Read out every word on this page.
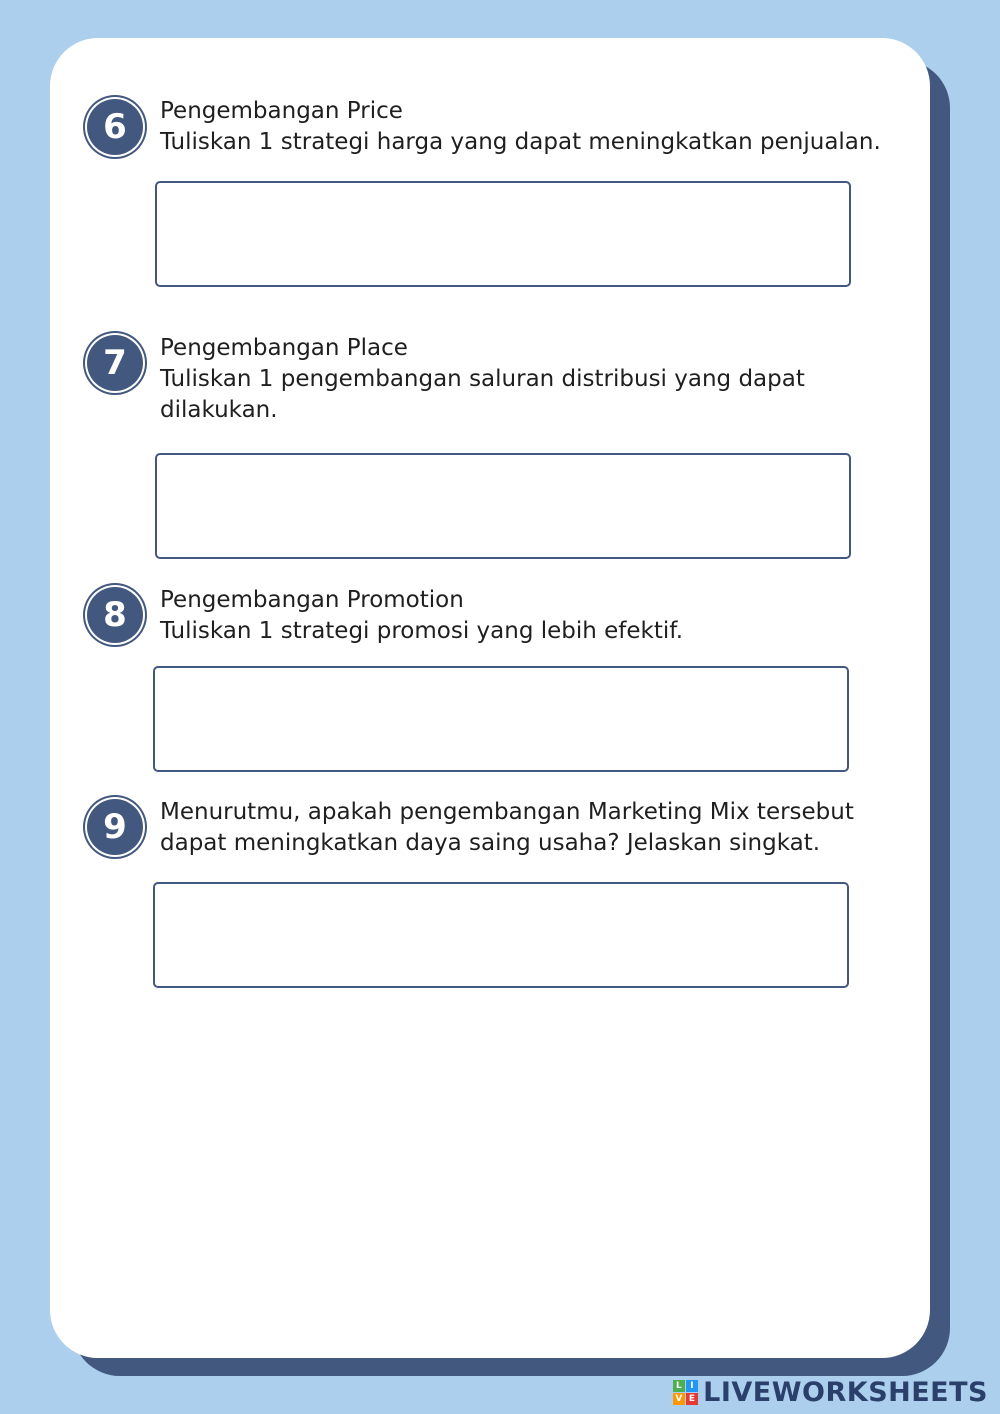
6	Pengembangan Price
Tuliskan 1 strategi harga yang dapat meningkatkan penjualan.
7	Pengembangan Place
Tuliskan 1 pengembangan saluran distribusi yang dapat
dilakukan.
8	Pengembangan Promotion
Tuliskan 1 strategi promosi yang lebih efektif.
9	Menurutmu, apakah pengembangan Marketing Mix tersebut
dapat meningkatkan daya saing usaha? Jelaskan singkat.
L I
V E LIVEWORKSHEETS
